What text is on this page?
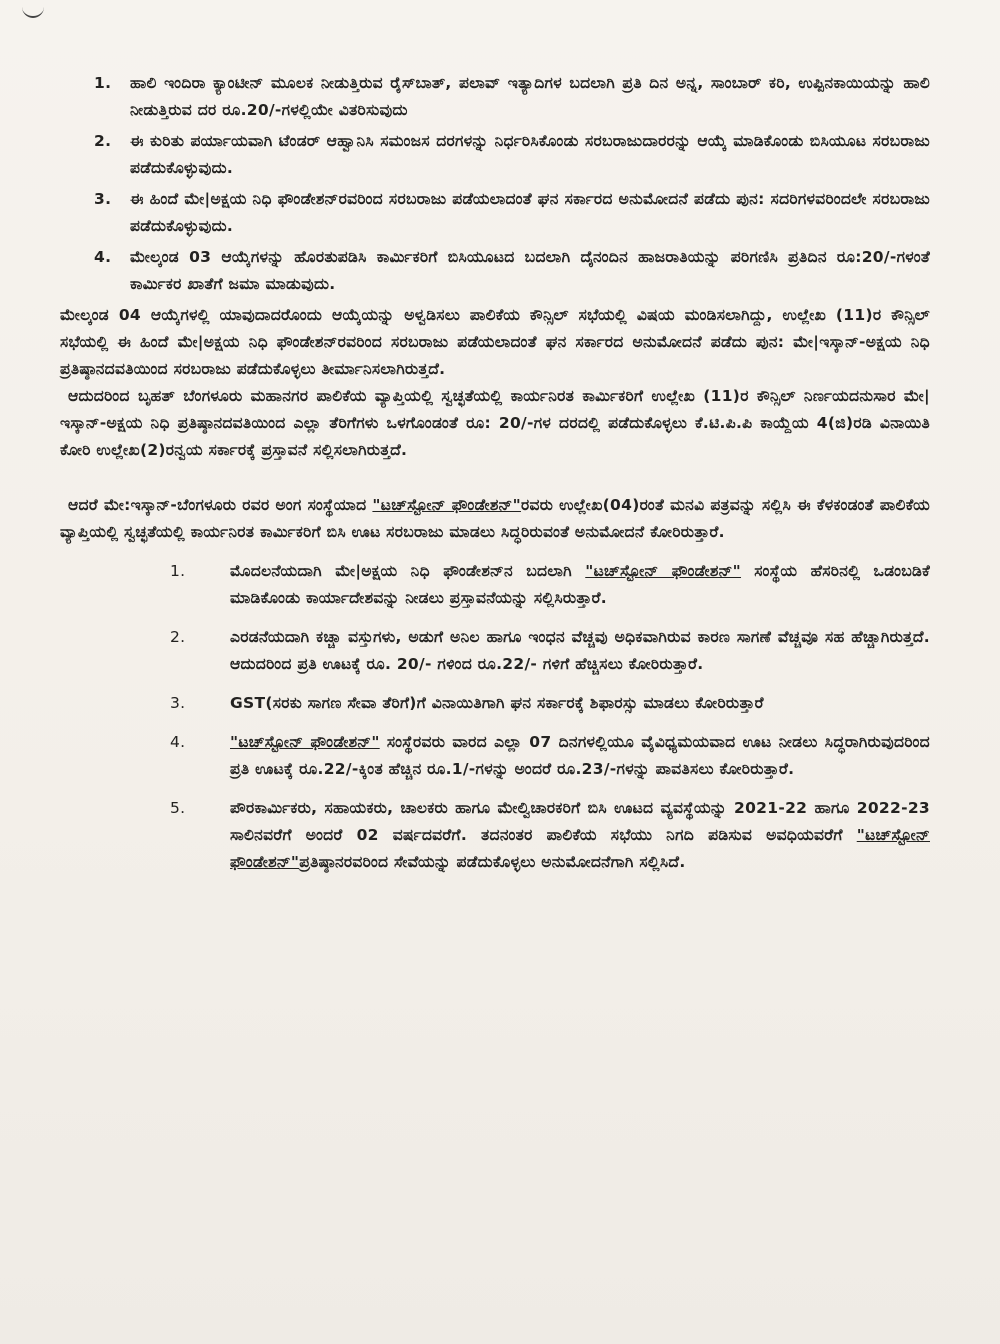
1.	ಹಾಲಿ ಇಂದಿರಾ ಕ್ಯಾಂಟೀನ್ ಮೂಲಕ ನೀಡುತ್ತಿರುವ ರೈಸ್‌ಬಾತ್, ಪಲಾವ್ ಇತ್ಯಾದಿಗಳ ಬದಲಾಗಿ ಪ್ರತಿ ದಿನ ಅನ್ನ, ಸಾಂಬಾರ್ ಕರಿ, ಉಪ್ಪಿನಕಾಯಿಯನ್ನು ಹಾಲಿ ನೀಡುತ್ತಿರುವ ದರ ರೂ.20/-ಗಳಲ್ಲಿಯೇ ವಿತರಿಸುವುದು
2.	ಈ ಕುರಿತು ಪರ್ಯಾಯವಾಗಿ ಟೆಂಡರ್ ಆಹ್ವಾನಿಸಿ ಸಮಂಜಸ ದರಗಳನ್ನು ನಿರ್ಧರಿಸಿಕೊಂಡು ಸರಬರಾಜುದಾರರನ್ನು ಆಯ್ಕೆ ಮಾಡಿಕೊಂಡು ಬಿಸಿಯೂಟ ಸರಬರಾಜು ಪಡೆದುಕೊಳ್ಳುವುದು.
3.	ಈ ಹಿಂದೆ ಮೇ|ಅಕ್ಷಯ ನಿಧಿ ಫೌಂಡೇಶನ್‌ರವರಿಂದ ಸರಬರಾಜು ಪಡೆಯಲಾದಂತೆ ಘನ ಸರ್ಕಾರದ ಅನುಮೋದನೆ ಪಡೆದು ಪುನ: ಸದರಿಗಳವರಿಂದಲೇ ಸರಬರಾಜು ಪಡೆದುಕೊಳ್ಳುವುದು.
4.	ಮೇಲ್ಕಂಡ 03 ಆಯ್ಕೆಗಳನ್ನು ಹೊರತುಪಡಿಸಿ ಕಾರ್ಮಿಕರಿಗೆ ಬಿಸಿಯೂಟದ ಬದಲಾಗಿ ದೈನಂದಿನ ಹಾಜರಾತಿಯನ್ನು ಪರಿಗಣಿಸಿ ಪ್ರತಿದಿನ ರೂ:20/-ಗಳಂತೆ ಕಾರ್ಮಿಕರ ಖಾತೆಗೆ ಜಮಾ ಮಾಡುವುದು.

ಮೇಲ್ಕಂಡ 04 ಆಯ್ಕೆಗಳಲ್ಲಿ ಯಾವುದಾದರೊಂದು ಆಯ್ಕೆಯನ್ನು ಅಳ್ವಡಿಸಲು ಪಾಲಿಕೆಯ ಕೌನ್ಸಿಲ್ ಸಭೆಯಲ್ಲಿ ವಿಷಯ ಮಂಡಿಸಲಾಗಿದ್ದು, ಉಲ್ಲೇಖ (11)ರ ಕೌನ್ಸಿಲ್ ಸಭೆಯಲ್ಲಿ ಈ ಹಿಂದೆ ಮೇ|ಅಕ್ಷಯ ನಿಧಿ ಫೌಂಡೇಶನ್‌ರವರಿಂದ ಸರಬರಾಜು ಪಡೆಯಲಾದಂತೆ ಘನ ಸರ್ಕಾರದ ಅನುಮೋದನೆ ಪಡೆದು ಪುನ: ಮೇ|ಇಸ್ಕಾನ್-ಅಕ್ಷಯ ನಿಧಿ ಪ್ರತಿಷ್ಠಾನದವತಿಯಿಂದ ಸರಬರಾಜು ಪಡೆದುಕೊಳ್ಳಲು ತೀರ್ಮಾನಿಸಲಾಗಿರುತ್ತದೆ.

ಆದುದರಿಂದ ಬೃಹತ್ ಬೆಂಗಳೂರು ಮಹಾನಗರ ಪಾಲಿಕೆಯ ವ್ಯಾಪ್ತಿಯಲ್ಲಿ ಸ್ವಚ್ಛತೆಯಲ್ಲಿ ಕಾರ್ಯನಿರತ ಕಾರ್ಮಿಕರಿಗೆ ಉಲ್ಲೇಖ (11)ರ ಕೌನ್ಸಿಲ್ ನಿರ್ಣಯದನುಸಾರ ಮೇ|ಇಸ್ಕಾನ್-ಅಕ್ಷಯ ನಿಧಿ ಪ್ರತಿಷ್ಠಾನದವತಿಯಿಂದ ಎಲ್ಲಾ ತೆರಿಗೆಗಳು ಒಳಗೊಂಡಂತೆ ರೂ: 20/-ಗಳ ದರದಲ್ಲಿ ಪಡೆದುಕೊಳ್ಳಲು ಕೆ.ಟಿ.ಪಿ.ಪಿ ಕಾಯ್ದೆಯ 4(ಜಿ)ರಡಿ ವಿನಾಯಿತಿ ಕೋರಿ ಉಲ್ಲೇಖ(2)ರನ್ವಯ ಸರ್ಕಾರಕ್ಕೆ ಪ್ರಸ್ತಾವನೆ ಸಲ್ಲಿಸಲಾಗಿರುತ್ತದೆ.

ಆದರೆ ಮೇ:ಇಸ್ಕಾನ್-ಬೆಂಗಳೂರು ರವರ ಅಂಗ ಸಂಸ್ಥೆಯಾದ "ಟಚ್‌ಸ್ಟೋನ್ ಫೌಂಡೇಶನ್"ರವರು ಉಲ್ಲೇಖ(04)ರಂತೆ ಮನವಿ ಪತ್ರವನ್ನು ಸಲ್ಲಿಸಿ ಈ ಕೆಳಕಂಡಂತೆ ಪಾಲಿಕೆಯ ವ್ಯಾಪ್ತಿಯಲ್ಲಿ ಸ್ವಚ್ಛತೆಯಲ್ಲಿ ಕಾರ್ಯನಿರತ ಕಾರ್ಮಿಕರಿಗೆ ಬಿಸಿ ಊಟ ಸರಬರಾಜು ಮಾಡಲು ಸಿದ್ಧರಿರುವಂತೆ ಅನುಮೋದನೆ ಕೋರಿರುತ್ತಾರೆ.

1.	ಮೊದಲನೆಯದಾಗಿ ಮೇ|ಅಕ್ಷಯ ನಿಧಿ ಫೌಂಡೇಶನ್‌ನ ಬದಲಾಗಿ "ಟಚ್‌ಸ್ಟೋನ್ ಫೌಂಡೇಶನ್" ಸಂಸ್ಥೆಯ ಹೆಸರಿನಲ್ಲಿ ಒಡಂಬಡಿಕೆ ಮಾಡಿಕೊಂಡು ಕಾರ್ಯಾದೇಶವನ್ನು ನೀಡಲು ಪ್ರಸ್ತಾವನೆಯನ್ನು ಸಲ್ಲಿಸಿರುತ್ತಾರೆ.
2.	ಎರಡನೆಯದಾಗಿ ಕಚ್ಚಾ ವಸ್ತುಗಳು, ಅಡುಗೆ ಅನಿಲ ಹಾಗೂ ಇಂಧನ ವೆಚ್ಚವು ಅಧಿಕವಾಗಿರುವ ಕಾರಣ ಸಾಗಣೆ ವೆಚ್ಚವೂ ಸಹ ಹೆಚ್ಚಾಗಿರುತ್ತದೆ. ಆದುದರಿಂದ ಪ್ರತಿ ಊಟಕ್ಕೆ ರೂ. 20/- ಗಳಿಂದ ರೂ.22/- ಗಳಿಗೆ ಹೆಚ್ಚಿಸಲು ಕೋರಿರುತ್ತಾರೆ.
3.	GST(ಸರಕು ಸಾಗಣ ಸೇವಾ ತೆರಿಗೆ)ಗೆ ವಿನಾಯಿತಿಗಾಗಿ ಘನ ಸರ್ಕಾರಕ್ಕೆ ಶಿಫಾರಸ್ಸು ಮಾಡಲು ಕೋರಿರುತ್ತಾರೆ
4.	"ಟಚ್‌ಸ್ಟೋನ್ ಫೌಂಡೇಶನ್" ಸಂಸ್ಥೆರವರು ವಾರದ ಎಲ್ಲಾ 07 ದಿನಗಳಲ್ಲಿಯೂ ವೈವಿಧ್ಯಮಯವಾದ ಊಟ ನೀಡಲು ಸಿದ್ಧರಾಗಿರುವುದರಿಂದ ಪ್ರತಿ ಊಟಕ್ಕೆ ರೂ.22/-ಕ್ಕಿಂತ ಹೆಚ್ಚಿನ ರೂ.1/-ಗಳನ್ನು ಅಂದರೆ ರೂ.23/-ಗಳನ್ನು ಪಾವತಿಸಲು ಕೋರಿರುತ್ತಾರೆ.
5.	ಪೌರಕಾರ್ಮಿಕರು, ಸಹಾಯಕರು, ಚಾಲಕರು ಹಾಗೂ ಮೇಲ್ವಿಚಾರಕರಿಗೆ ಬಿಸಿ ಊಟದ ವ್ಯವಸ್ಥೆಯನ್ನು 2021-22 ಹಾಗೂ 2022-23 ಸಾಲಿನವರೆಗೆ ಅಂದರೆ 02 ವರ್ಷದವರೆಗೆ. ತದನಂತರ ಪಾಲಿಕೆಯ ಸಭೆಯು ನಿಗದಿ ಪಡಿಸುವ ಅವಧಿಯವರೆಗೆ "ಟಚ್‌ಸ್ಟೋನ್ ಫೌಂಡೇಶನ್"ಪ್ರತಿಷ್ಠಾನರವರಿಂದ ಸೇವೆಯನ್ನು ಪಡೆದುಕೊಳ್ಳಲು ಅನುಮೋದನೆಗಾಗಿ ಸಲ್ಲಿಸಿದೆ.
